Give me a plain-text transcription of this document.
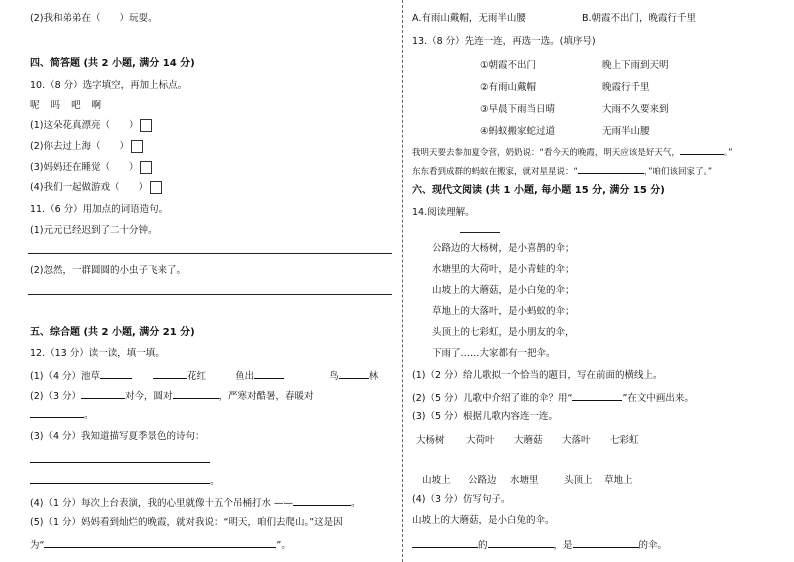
(2)我和弟弟在（　　）玩耍。
四、简答题 (共 2 小题, 满分 14 分)
10.（8 分）选字填空，再加上标点。
呢 吗 吧 啊
(1)这朵花真漂亮（　　）
(2)你去过上海（　　）
(3)妈妈还在睡觉（　　）
(4)我们一起做游戏（　　）
11.（6 分）用加点的词语造句。
(1)元元已经迟到了二十分钟。
(2)忽然，一群圆圆的小虫子飞来了。
五、综合题 (共 2 小题, 满分 21 分)
12.（13 分）读一读，填一填。
(1)（4 分）池草	花红	鱼出	鸟	林
(2)（3 分）	对今，圆对	，严寒对酷暑，春暖对
。
(3)（4 分）我知道描写夏季景色的诗句：
。
(4)（1 分）每次上台表演，我的心里就像十五个吊桶打水 ——	。
(5)（1 分）妈妈看到灿烂的晚霞，就对我说：“明天，咱们去爬山。”这是因
为“	”。
A.有雨山戴帽，无雨半山腰	B.朝霞不出门，晚霞行千里
13.（8 分）先连一连，再选一选。(填序号)
①朝霞不出门
②有雨山戴帽
③早晨下雨当日晴
④蚂蚁搬家蛇过道
晚上下雨到天明
晚霞行千里
大雨不久要来到
无雨半山腰
我明天要去参加夏令营，奶奶说：“看今天的晚霞，明天应该是好天气，	。”
东东看到成群的蚂蚁在搬家，就对星星说：“	，”咱们该回家了。”
六、现代文阅读 (共 1 小题, 每小题 15 分, 满分 15 分)
14.阅读理解。
公路边的大杨树，是小喜鹊的伞；
水塘里的大荷叶，是小青蛙的伞；
山坡上的大蘑菇，是小白兔的伞；
草地上的大落叶，是小蚂蚁的伞；
头顶上的七彩虹，是小朋友的伞，
下雨了……大家都有一把伞。
(1)（2 分）给儿歌拟一个恰当的题目，写在前面的横线上。
(2)（5 分）儿歌中介绍了谁的伞？用“	”在文中画出来。
(3)（5 分）根据儿歌内容连一连。
大杨树 大荷叶 大蘑菇 大落叶 七彩虹
山坡上 公路边 水塘里	头顶上 草地上
(4)（3 分）仿写句子。
山坡上的大蘑菇，是小白兔的伞。
的	，是	的伞。
